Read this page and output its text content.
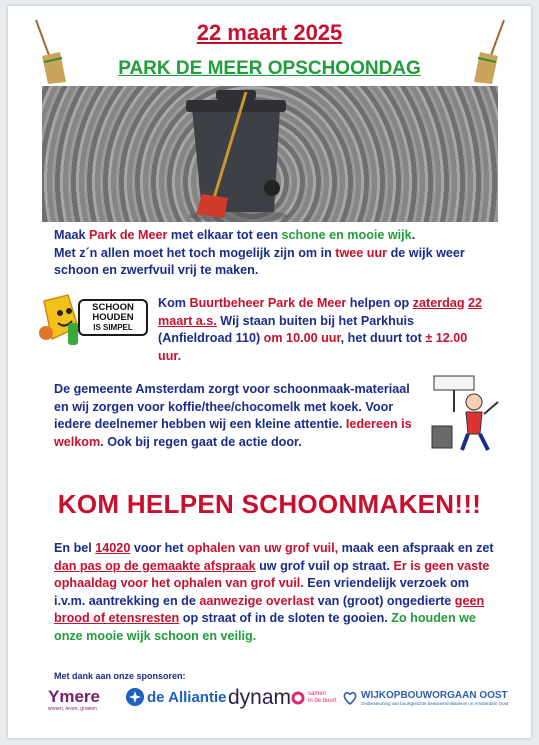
22 maart 2025
PARK DE MEER OPSCHOONDAG

Maak Park de Meer met elkaar tot een schone en mooie wijk.
Met z´n allen moet het toch mogelijk zijn om in twee uur de wijk weer schoon en zwerfvuil vrij te maken.

SCHOON
HOUDEN
IS SIMPEL

Kom Buurtbeheer Park de Meer helpen op zaterdag 22 maart a.s. Wij staan buiten bij het Parkhuis (Anfieldroad 110) om 10.00 uur, het duurt tot ± 12.00 uur.

De gemeente Amsterdam zorgt voor schoonmaak-materiaal en wij zorgen voor koffie/thee/chocomelk met koek. Voor iedere deelnemer hebben wij een kleine attentie. Iedereen is welkom. Ook bij regen gaat de actie door.

KOM HELPEN SCHOONMAKEN!!!

En bel 14020 voor het ophalen van uw grof vuil, maak een afspraak en zet dan pas op de gemaakte afspraak uw grof vuil op straat. Er is geen vaste ophaaldag voor het ophalen van grof vuil. Een vriendelijk verzoek om i.v.m. aantrekking en de aanwezige overlast van (groot) ongedierte geen brood of etensresten op straat of in de sloten te gooien. Zo houden we onze mooie wijk schoon en veilig.

Met dank aan onze sponsoren:
Ymere
wonen, leven, groeien
de Alliantie dynam	samen
in de buurt WIJKOPBOUWORGAAN OOST
Ondersteuning van buurtgerichte bewonersinitiatieven in Amsterdam Oost
